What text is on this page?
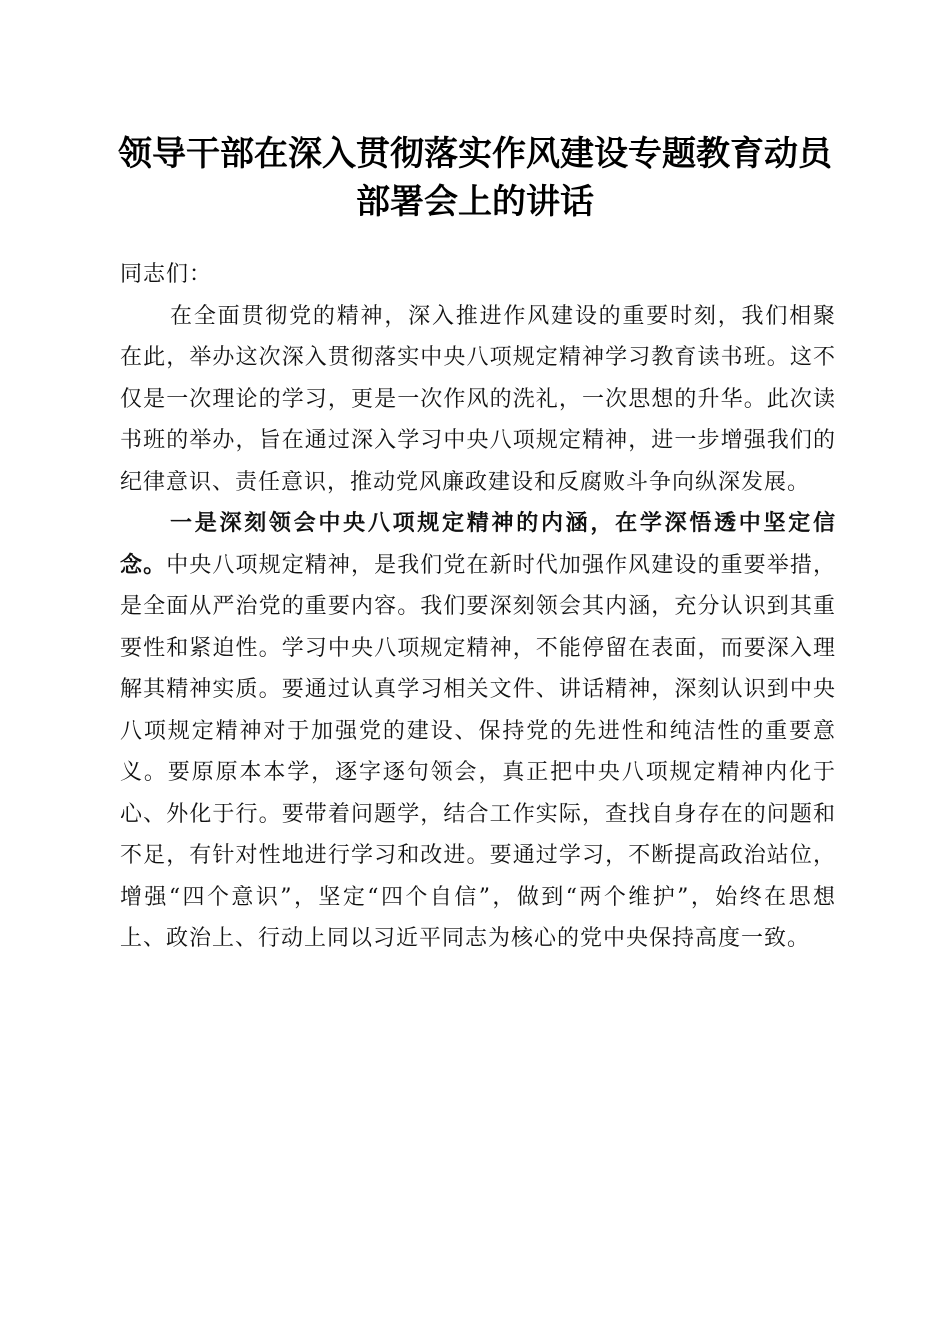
领导干部在深入贯彻落实作风建设专题教育动员部署会上的讲话

同志们：

在全面贯彻党的精神，深入推进作风建设的重要时刻，我们相聚在此，举办这次深入贯彻落实中央八项规定精神学习教育读书班。这不仅是一次理论的学习，更是一次作风的洗礼，一次思想的升华。此次读书班的举办，旨在通过深入学习中央八项规定精神，进一步增强我们的纪律意识、责任意识，推动党风廉政建设和反腐败斗争向纵深发展。

一是深刻领会中央八项规定精神的内涵，在学深悟透中坚定信念。中央八项规定精神，是我们党在新时代加强作风建设的重要举措，是全面从严治党的重要内容。我们要深刻领会其内涵，充分认识到其重要性和紧迫性。学习中央八项规定精神，不能停留在表面，而要深入理解其精神实质。要通过认真学习相关文件、讲话精神，深刻认识到中央八项规定精神对于加强党的建设、保持党的先进性和纯洁性的重要意义。要原原本本学，逐字逐句领会，真正把中央八项规定精神内化于心、外化于行。要带着问题学，结合工作实际，查找自身存在的问题和不足，有针对性地进行学习和改进。要通过学习，不断提高政治站位，增强“四个意识”，坚定“四个自信”，做到“两个维护”，始终在思想上、政治上、行动上同以习近平同志为核心的党中央保持高度一致。
